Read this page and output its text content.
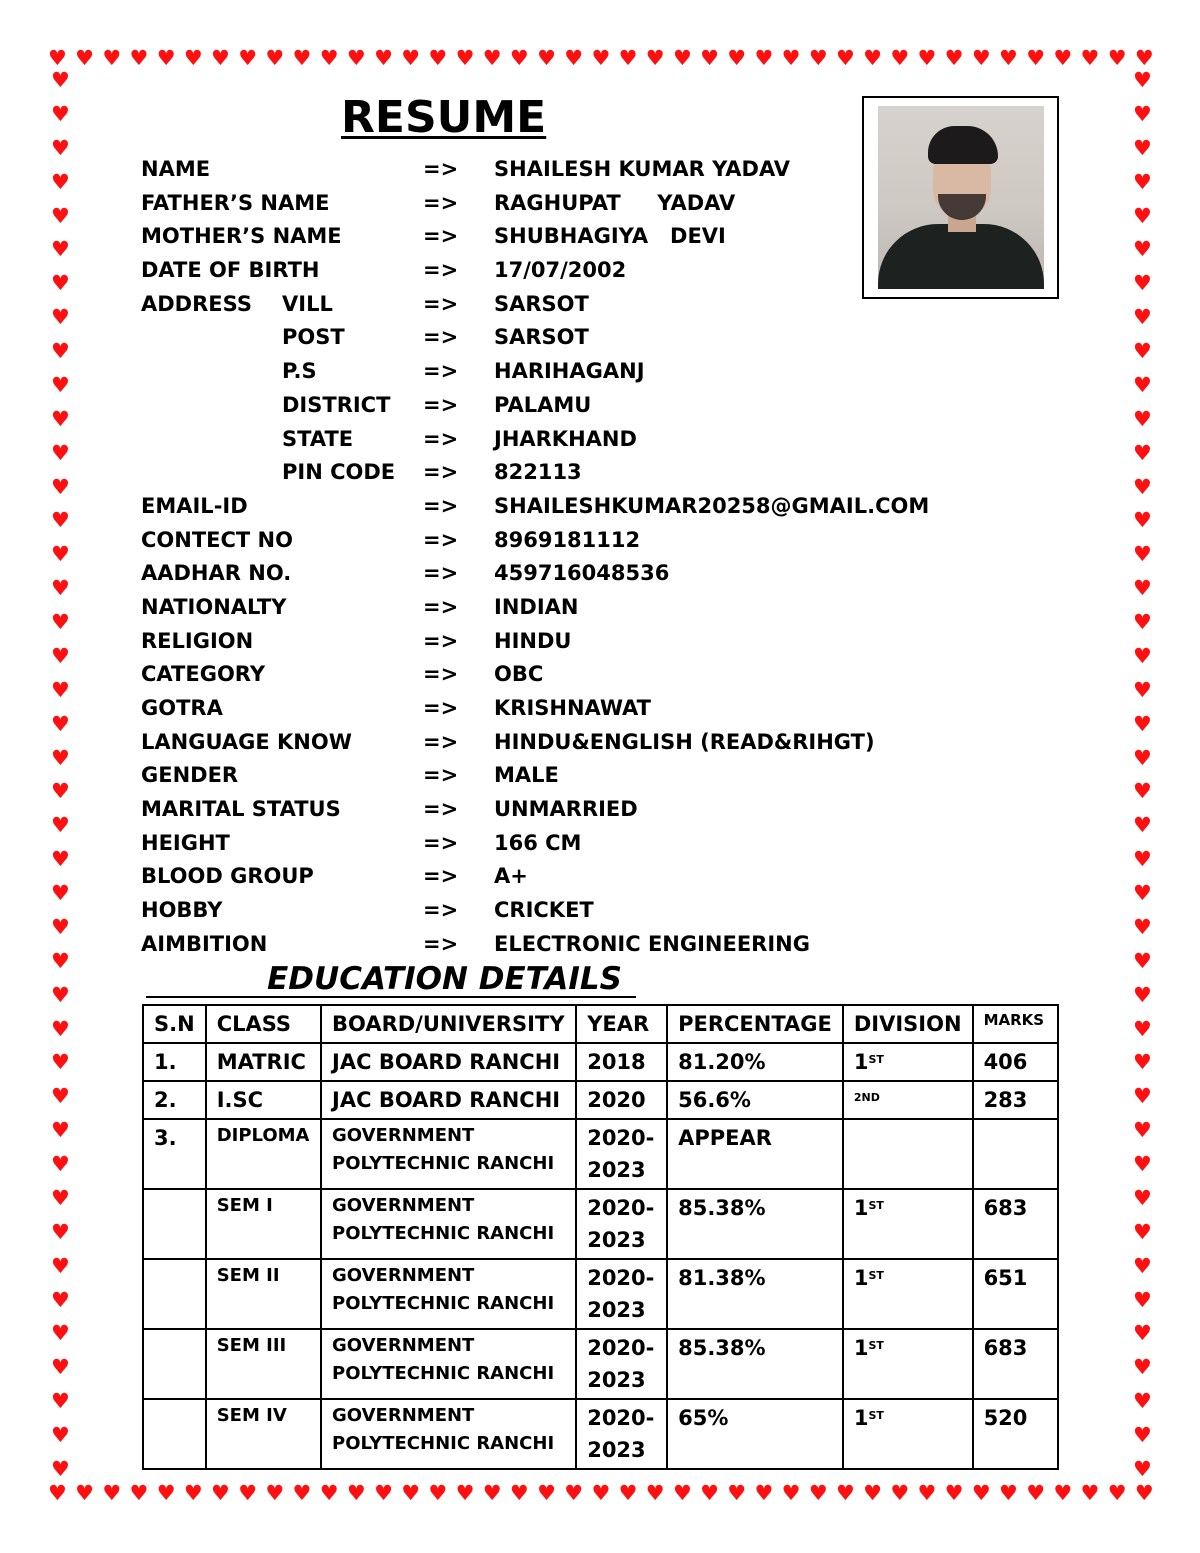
♥ ♥ ♥ ♥ ♥ ♥ ♥ ♥ ♥ ♥ ♥ ♥ ♥ ♥ ♥ ♥ ♥ ♥ ♥ ♥ ♥ ♥ ♥ ♥ ♥ ♥ ♥ ♥ ♥ ♥ ♥ ♥ ♥ ♥ ♥ ♥ ♥ ♥ ♥ ♥ ♥
♥ ♥ ♥ ♥ ♥ ♥ ♥ ♥ ♥ ♥ ♥ ♥ ♥ ♥ ♥ ♥ ♥ ♥ ♥ ♥ ♥ ♥ ♥ ♥ ♥ ♥ ♥ ♥ ♥ ♥ ♥ ♥ ♥ ♥ ♥ ♥ ♥ ♥ ♥ ♥ ♥
♥
♥
♥
♥
♥
♥
♥
♥
♥
♥
♥
♥
♥
♥
♥
♥
♥
♥
♥
♥
♥
♥
♥
♥
♥
♥
♥
♥
♥
♥
♥
♥
♥
♥
♥
♥
♥
♥
♥
♥
♥
♥
♥
♥
♥
♥
♥
♥
♥
♥
♥
♥
♥
♥
♥
♥
♥
♥
♥
♥
♥
♥
♥
♥
♥
♥
♥
♥
♥
♥
♥
♥
♥
♥
♥
♥
♥
♥
♥
♥
♥
♥
♥
♥
RESUME
NAME	=> SHAILESH KUMAR YADAV
FATHER’S NAME	=> RAGHUPAT     YADAV
MOTHER’S NAME	=> SHUBHAGIYA   DEVI
DATE OF BIRTH	=> 17/07/2002
ADDRESS VILL	=> SARSOT
POST	=> SARSOT
P.S	=> HARIHAGANJ
DISTRICT => PALAMU
STATE	=> JHARKHAND
PIN CODE => 822113
EMAIL-ID	=> SHAILESHKUMAR20258@GMAIL.COM
CONTECT NO	=> 8969181112
AADHAR NO.	=> 459716048536
NATIONALTY	=> INDIAN
RELIGION	=> HINDU
CATEGORY	=> OBC
GOTRA	=> KRISHNAWAT
LANGUAGE KNOW	=> HINDU&ENGLISH (READ&RIHGT)
GENDER	=> MALE
MARITAL STATUS	=> UNMARRIED
HEIGHT	=> 166 CM
BLOOD GROUP	=> A+
HOBBY	=> CRICKET
AIMBITION	=> ELECTRONIC ENGINEERING
EDUCATION DETAILS
S.N	CLASS	BOARD/UNIVERSITY	YEAR	PERCENTAGE	DIVISION	MARKS
1.	MATRIC	JAC BOARD RANCHI	2018	81.20%	1ST	406
2.	I.SC	JAC BOARD RANCHI	2020	56.6%	$^{2ND}$	283
3.	DIPLOMA	GOVERNMENT POLYTECHNIC RANCHI	2020-2023	APPEAR		
	SEM I	GOVERNMENT POLYTECHNIC RANCHI	2020-2023	85.38%	1ST	683
	SEM II	GOVERNMENT POLYTECHNIC RANCHI	2020-2023	81.38%	1ST	651
	SEM III	GOVERNMENT POLYTECHNIC RANCHI	2020-2023	85.38%	1ST	683
	SEM IV	GOVERNMENT POLYTECHNIC RANCHI	2020-2023	65%	1ST	520
